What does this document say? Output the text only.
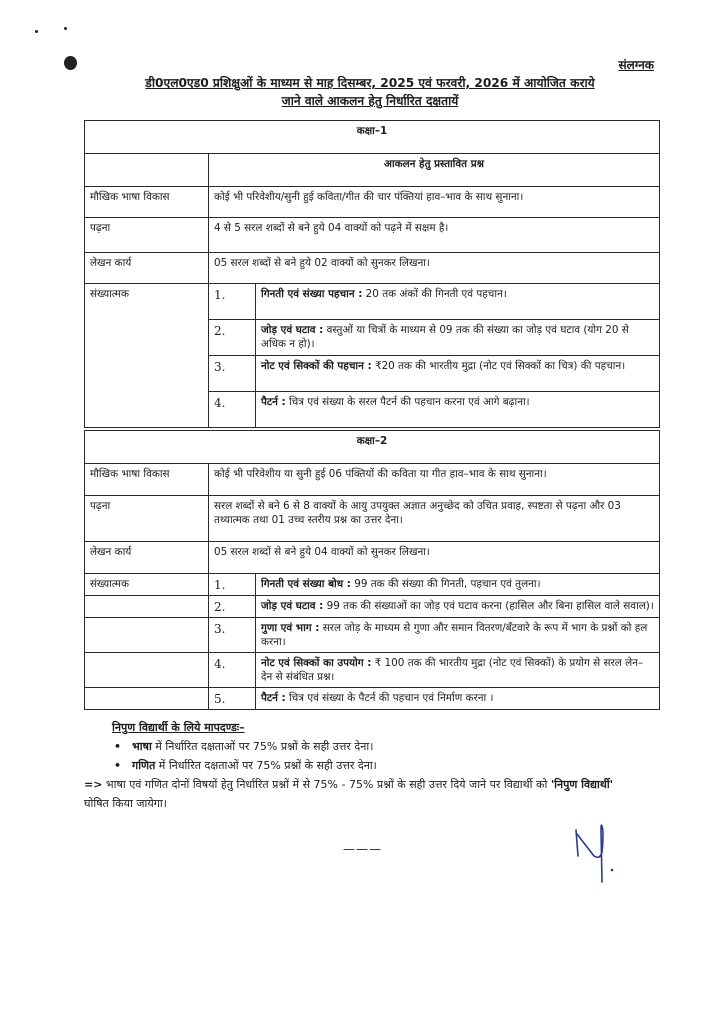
संलग्नक
डी0एल0एड0 प्रशिक्षुओं के माध्यम से माह दिसम्बर, 2025 एवं फरवरी, 2026 में आयोजित कराये
जाने वाले आकलन हेतु निर्धारित दक्षतायें
कक्षा–1		
	आकलन हेतु प्रस्तावित प्रश्न	
मौखिक भाषा विकास	कोई भी परिवेशीय/सुनी हुई कविता/गीत की चार पंक्तियां हाव–भाव के साथ सुनाना।	
पढ़ना	4 से 5 सरल शब्दों से बने हुये 04 वाक्यों को पढ़ने में सक्षम है।	
लेखन कार्य	05 सरल शब्दों से बने हुये 02 वाक्यों को सुनकर लिखना।	
संख्यात्मक	1.	गिनती एवं संख्या पहचान : 20 तक अंकों की गिनती एवं पहचान।
	2.	जोड़ एवं घटाव : वस्तुओं या चित्रों के माध्यम से 09 तक की संख्या का जोड़ एवं घटाव (योग 20 से अधिक न हो)।
	3.	नोट एवं सिक्कों की पहचान : ₹20 तक की भारतीय मुद्रा (नोट एवं सिक्कों का चित्र) की पहचान।
	4.	पैटर्न : चित्र एवं संख्या के सरल पैटर्न की पहचान करना एवं आगे बढ़ाना।
कक्षा–2		
मौखिक भाषा विकास	कोई भी परिवेशीय या सुनी हुई 06 पंक्तियों की कविता या गीत हाव–भाव के साथ सुनाना।	
पढ़ना	सरल शब्दों से बने 6 से 8 वाक्यों के आयु उपयुक्त अज्ञात अनुच्छेद को उचित प्रवाह, स्पष्टता से पढ़ना और 03 तथ्यात्मक तथा 01 उच्च स्तरीय प्रश्न का उत्तर देना।	
लेखन कार्य	05 सरल शब्दों से बने हुये 04 वाक्यों को सुनकर लिखना।	
संख्यात्मक	1.	गिनती एवं संख्या बोध : 99 तक की संख्या की गिनती, पहचान एवं तुलना।
	2.	जोड़ एवं घटाव : 99 तक की संख्याओं का जोड़ एवं घटाव करना (हासिल और बिना हासिल वाले सवाल)।
	3.	गुणा एवं भाग : सरल जोड़ के माध्यम से गुणा और समान वितरण/बँटवारे के रूप में भाग के प्रश्नों को हल करना।
	4.	नोट एवं सिक्कों का उपयोग : ₹ 100 तक की भारतीय मुद्रा (नोट एवं सिक्कों) के प्रयोग से सरल लेन–देन से संबंधित प्रश्न।
	5.	पैटर्न : चित्र एवं संख्या के पैटर्न की पहचान एवं निर्माण करना ।
निपुण विद्यार्थी के लिये मापदण्डः–
• भाषा में निर्धारित दक्षताओं पर 75% प्रश्नों के सही उत्तर देना।
• गणित में निर्धारित दक्षताओं पर 75% प्रश्नों के सही उत्तर देना।
=> भाषा एवं गणित दोनों विषयों हेतु निर्धारित प्रश्नों में से 75% - 75% प्रश्नों के सही उत्तर दिये जाने पर विद्यार्थी को 'निपुण विद्यार्थी' घोषित किया जायेगा।
———
